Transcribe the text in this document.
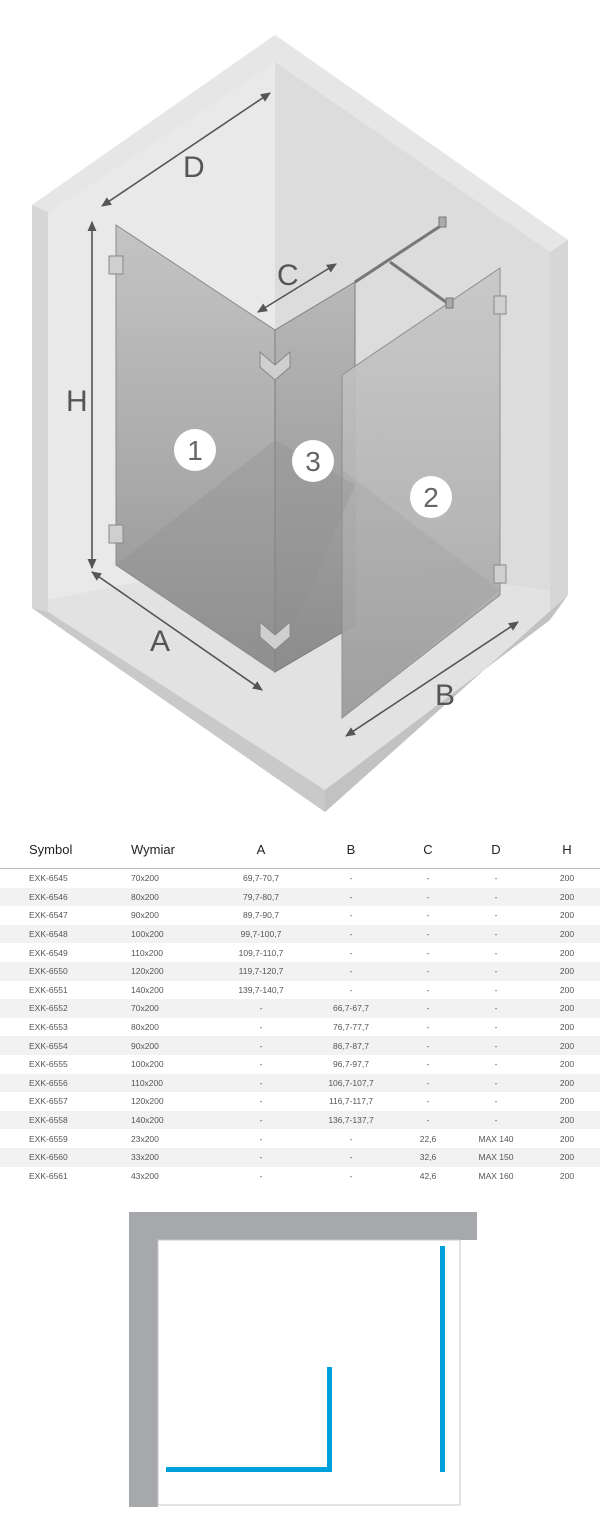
D
C
H
A
B
1	3
2
Symbol	Wymiar	A	B	C	D	H
EXK-6545	70x200	69,7-70,7	-	-	-	200
EXK-6546	80x200	79,7-80,7	-	-	-	200
EXK-6547	90x200	89,7-90,7	-	-	-	200
EXK-6548	100x200	99,7-100,7	-	-	-	200
EXK-6549	110x200	109,7-110,7	-	-	-	200
EXK-6550	120x200	119,7-120,7	-	-	-	200
EXK-6551	140x200	139,7-140,7	-	-	-	200
EXK-6552	70x200	-	66,7-67,7	-	-	200
EXK-6553	80x200	-	76,7-77,7	-	-	200
EXK-6554	90x200	-	86,7-87,7	-	-	200
EXK-6555	100x200	-	96,7-97,7	-	-	200
EXK-6556	110x200	-	106,7-107,7	-	-	200
EXK-6557	120x200	-	116,7-117,7	-	-	200
EXK-6558	140x200	-	136,7-137,7	-	-	200
EXK-6559	23x200	-	-	22,6	MAX 140	200
EXK-6560	33x200	-	-	32,6	MAX 150	200
EXK-6561	43x200	-	-	42,6	MAX 160	200
